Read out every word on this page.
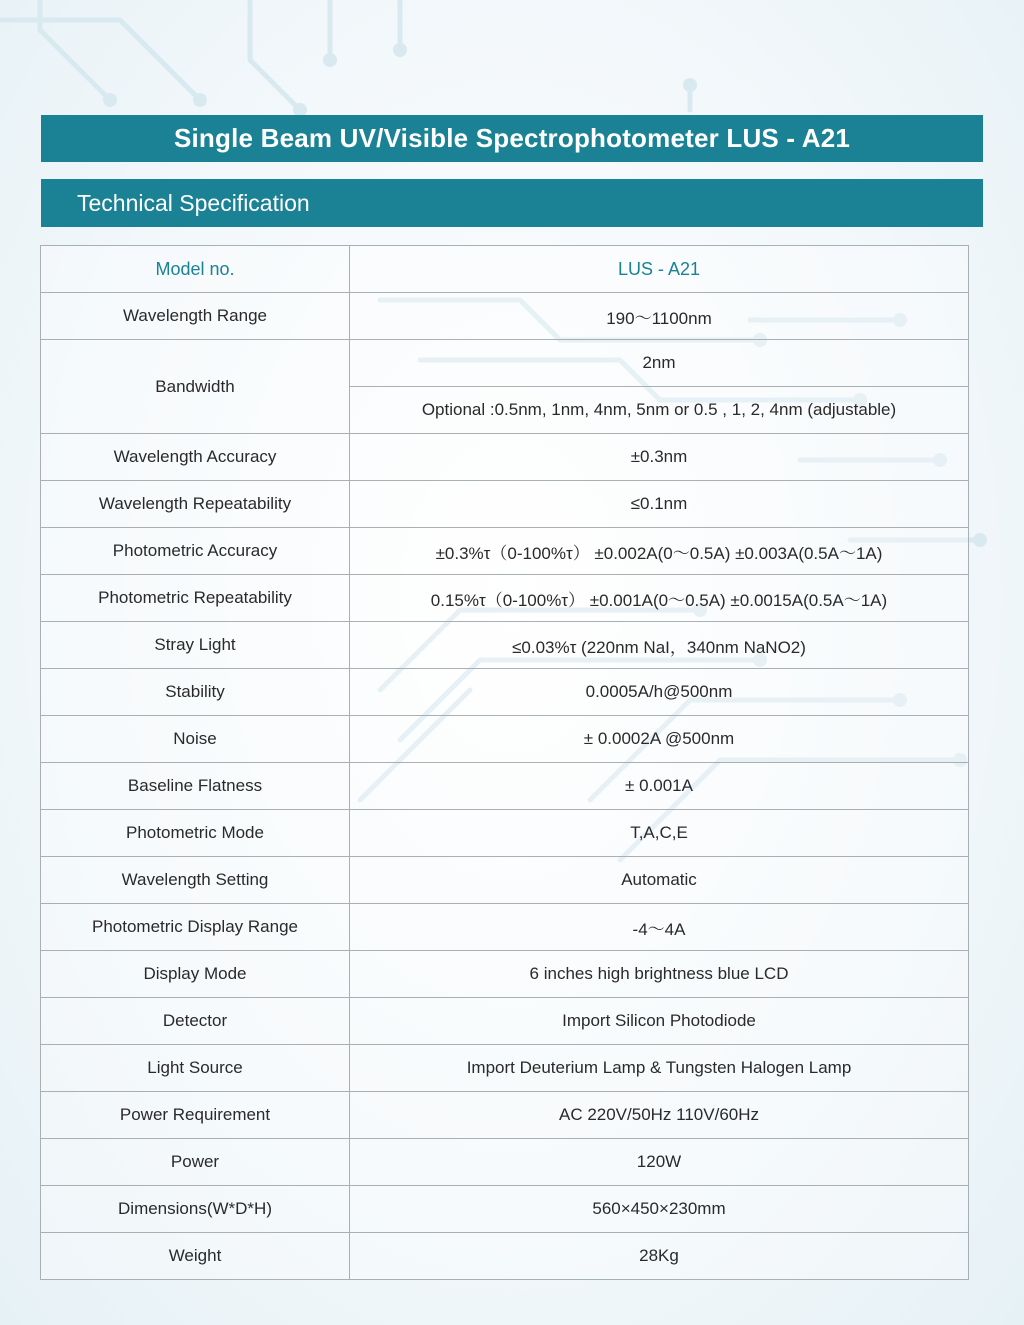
Single Beam UV/Visible Spectrophotometer LUS - A21
Technical Specification
Model no.	LUS - A21
Wavelength Range	190～1100nm
Bandwidth	2nm
	Optional :0.5nm, 1nm, 4nm, 5nm or 0.5 , 1, 2, 4nm (adjustable)
Wavelength Accuracy	±0.3nm
Wavelength Repeatability	≤0.1nm
Photometric Accuracy	±0.3%τ（0-100%τ） ±0.002A(0～0.5A) ±0.003A(0.5A～1A)
Photometric Repeatability	0.15%τ（0-100%τ） ±0.001A(0～0.5A) ±0.0015A(0.5A～1A)
Stray Light	≤0.03%τ (220nm NaI，340nm NaNO2)
Stability	0.0005A/h@500nm
Noise	± 0.0002A @500nm
Baseline Flatness	± 0.001A
Photometric Mode	T,A,C,E
Wavelength Setting	Automatic
Photometric Display Range	-4～4A
Display Mode	6 inches high brightness blue LCD
Detector	Import Silicon Photodiode
Light Source	Import Deuterium Lamp & Tungsten Halogen Lamp
Power Requirement	AC 220V/50Hz 110V/60Hz
Power	120W
Dimensions(W*D*H)	560×450×230mm
Weight	28Kg
